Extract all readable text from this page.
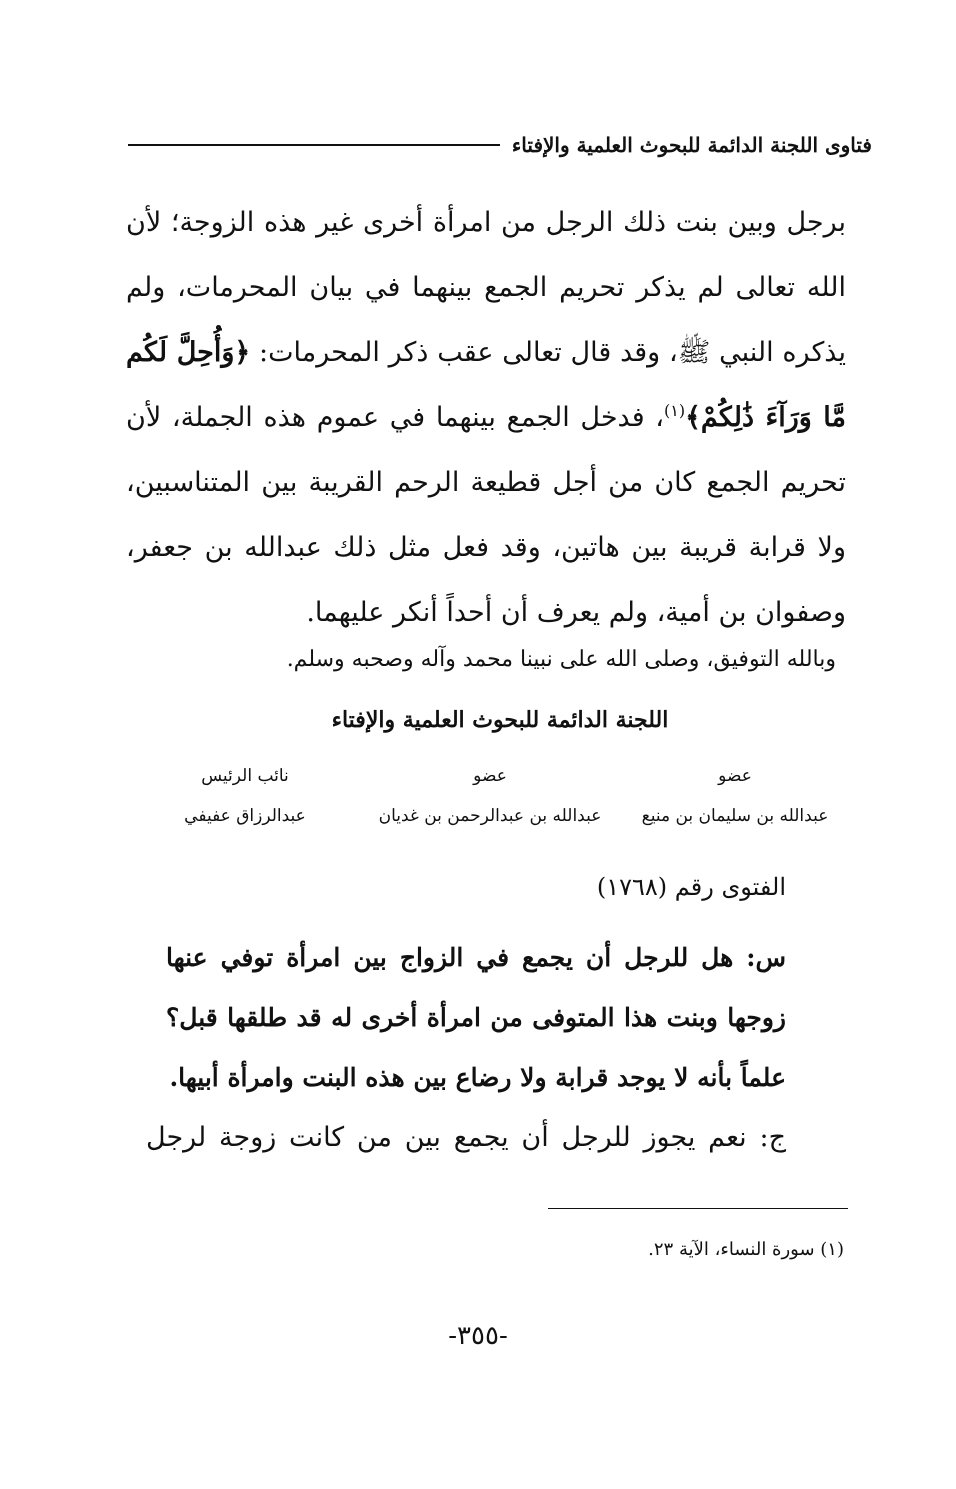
فتاوى اللجنة الدائمة للبحوث العلمية والإفتاء
برجل وبين بنت ذلك الرجل من امرأة أخرى غير هذه الزوجة؛ لأن الله تعالى لم يذكر تحريم الجمع بينهما في بيان المحرمات، ولم يذكره النبي ﷺ، وقد قال تعالى عقب ذكر المحرمات: ﴿وَأُحِلَّ لَكُم مَّا وَرَآءَ ذَٰلِكُمْ﴾$^{(١)}$، فدخل الجمع بينهما في عموم هذه الجملة، لأن تحريم الجمع كان من أجل قطيعة الرحم القريبة بين المتناسبين، ولا قرابة قريبة بين هاتين، وقد فعل مثل ذلك عبدالله بن جعفر، وصفوان بن أمية، ولم يعرف أن أحداً أنكر عليهما.
وبالله التوفيق، وصلى الله على نبينا محمد وآله وصحبه وسلم.
اللجنة الدائمة للبحوث العلمية والإفتاء
عضو
عبدالله بن سليمان بن منيع
عضو
عبدالله بن عبدالرحمن بن غديان
نائب الرئيس
عبدالرزاق عفيفي
الفتوى رقم (١٧٦٨)
س: هل للرجل أن يجمع في الزواج بين امرأة توفي عنها زوجها وبنت هذا المتوفى من امرأة أخرى له قد طلقها قبل؟ علماً بأنه لا يوجد قرابة ولا رضاع بين هذه البنت وامرأة أبيها.
ج: نعم يجوز للرجل أن يجمع بين من كانت زوجة لرجل
(١) سورة النساء، الآية ٢٣.
-٣٥٥-
